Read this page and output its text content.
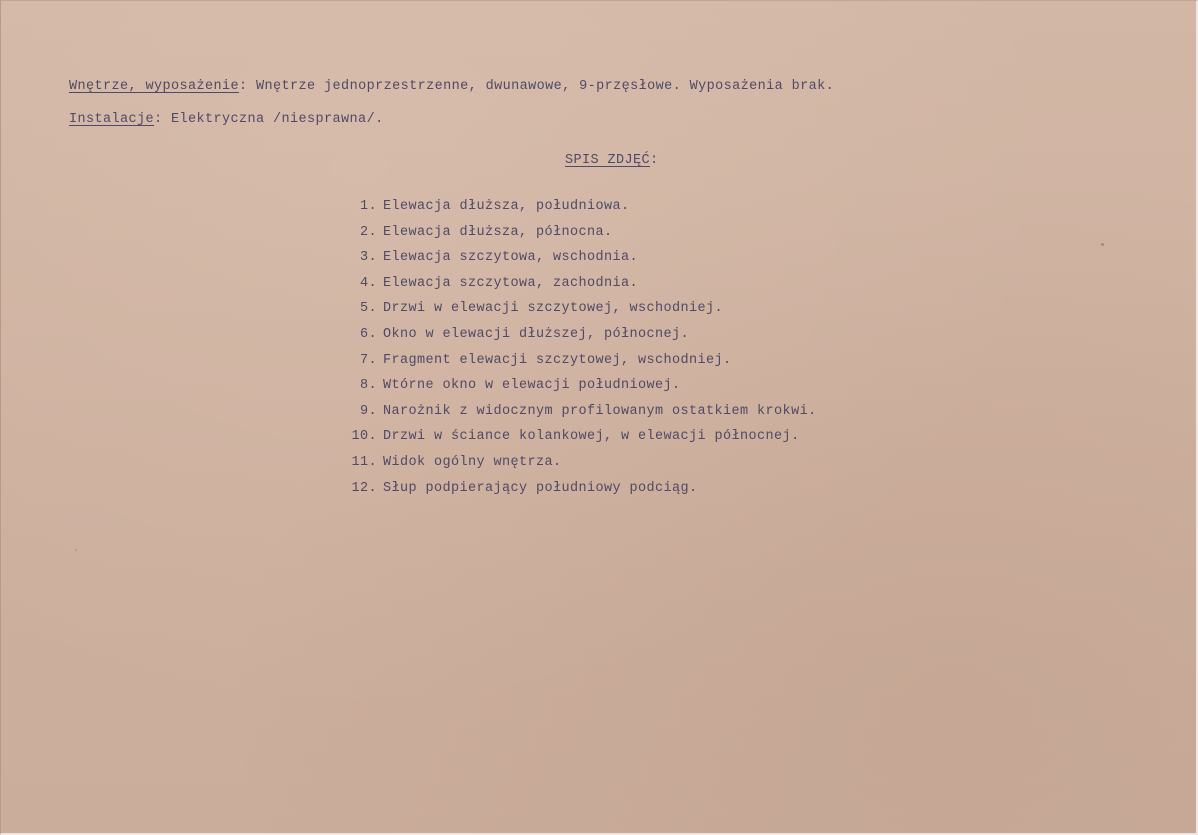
Wnętrze, wyposażenie: Wnętrze jednoprzestrzenne, dwunawowe, 9-przęsłowe. Wyposażenia brak.
Instalacje: Elektryczna /niesprawna/.
SPIS ZDJĘĆ:
1. Elewacja dłuższa, południowa.
2. Elewacja dłuższa, północna.
3. Elewacja szczytowa, wschodnia.
4. Elewacja szczytowa, zachodnia.
5. Drzwi w elewacji szczytowej, wschodniej.
6. Okno w elewacji dłuższej, północnej.
7. Fragment elewacji szczytowej, wschodniej.
8. Wtórne okno w elewacji południowej.
9. Narożnik z widocznym profilowanym ostatkiem krokwi.
10. Drzwi w ściance kolankowej, w elewacji północnej.
11. Widok ogólny wnętrza.
12. Słup podpierający południowy podciąg.
